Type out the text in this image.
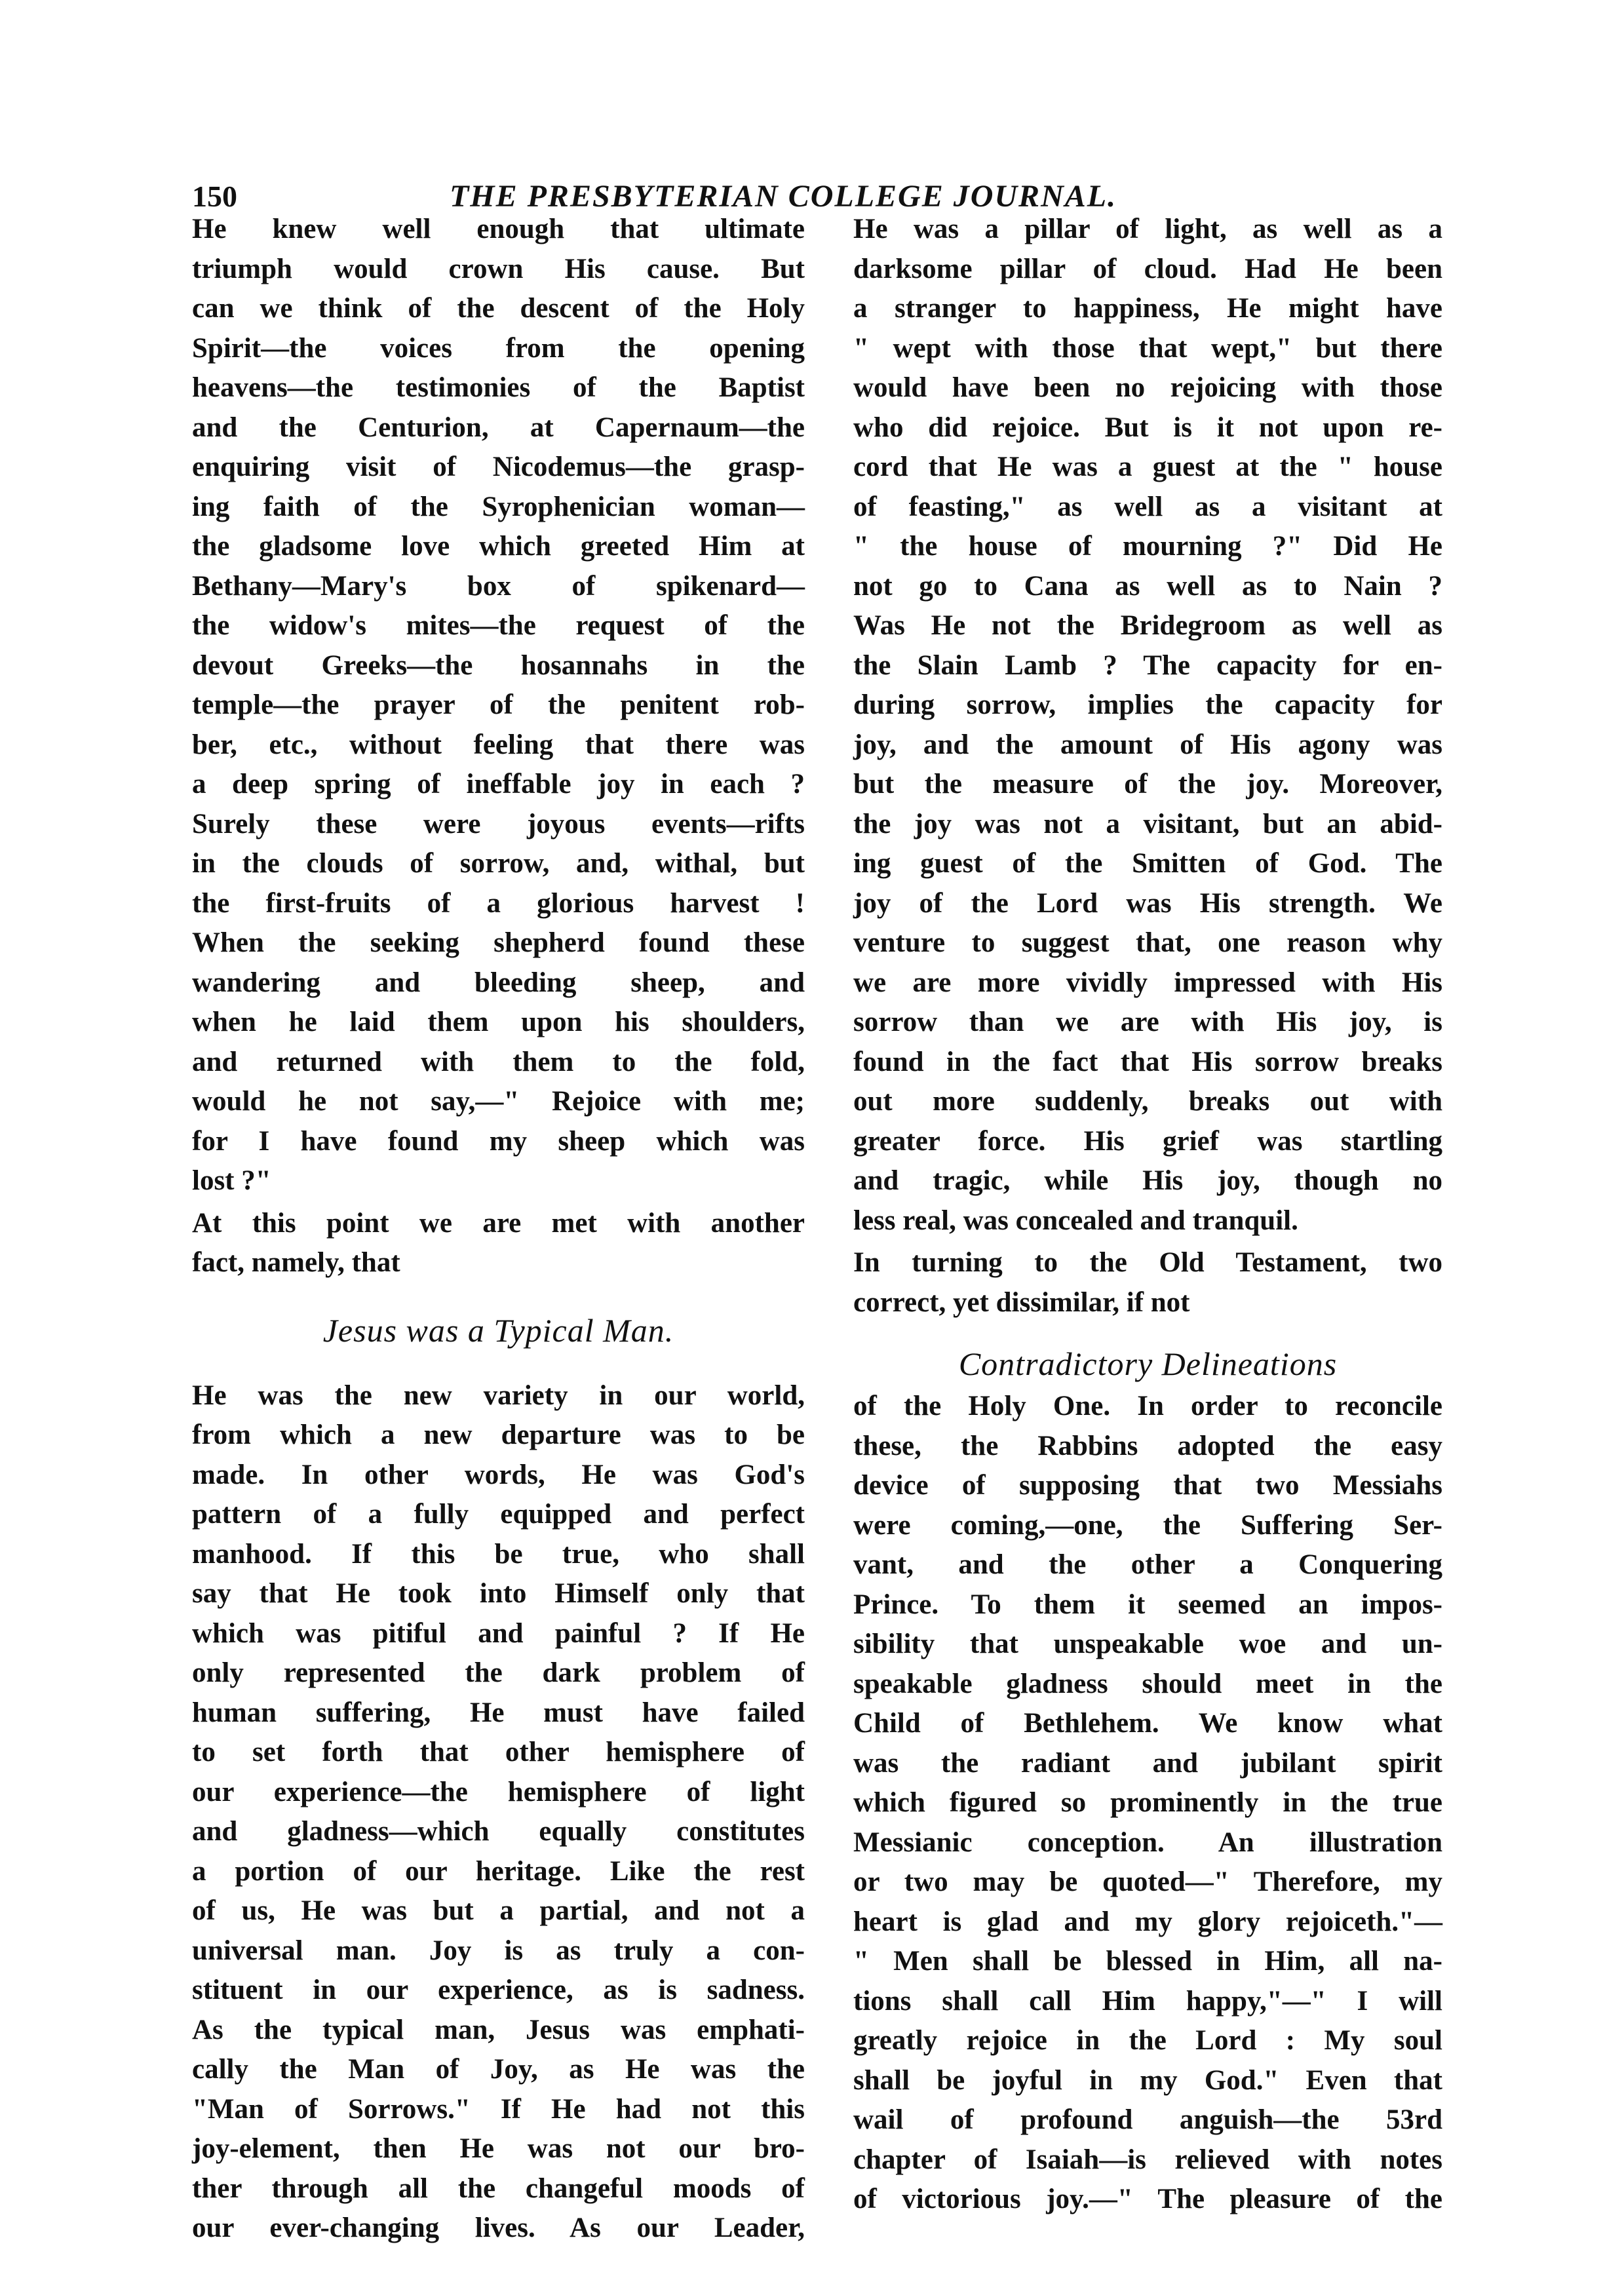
150	THE PRESBYTERIAN COLLEGE JOURNAL.
He knew well enough that ultimate
triumph would crown His cause. But
can we think of the descent of the Holy
Spirit—the voices from the opening
heavens—the testimonies of the Baptist
and the Centurion, at Capernaum—the
enquiring visit of Nicodemus—the grasp-
ing faith of the Syrophenician woman—
the gladsome love which greeted Him at
Bethany—Mary's box of spikenard—
the widow's mites—the request of the
devout Greeks—the hosannahs in the
temple—the prayer of the penitent rob-
ber, etc., without feeling that there was
a deep spring of ineffable joy in each ?
Surely these were joyous events—rifts
in the clouds of sorrow, and, withal, but
the first-fruits of a glorious harvest !
When the seeking shepherd found these
wandering and bleeding sheep, and
when he laid them upon his shoulders,
and returned with them to the fold,
would he not say,—" Rejoice with me;
for I have found my sheep which was
lost ?"
At this point we are met with another
fact, namely, that
Jesus was a Typical Man.
He was the new variety in our world,
from which a new departure was to be
made. In other words, He was God's
pattern of a fully equipped and perfect
manhood. If this be true, who shall
say that He took into Himself only that
which was pitiful and painful ? If He
only represented the dark problem of
human suffering, He must have failed
to set forth that other hemisphere of
our experience—the hemisphere of light
and gladness—which equally constitutes
a portion of our heritage. Like the rest
of us, He was but a partial, and not a
universal man. Joy is as truly a con-
stituent in our experience, as is sadness.
As the typical man, Jesus was emphati-
cally the Man of Joy, as He was the
"Man of Sorrows." If He had not this
joy-element, then He was not our bro-
ther through all the changeful moods of
our ever-changing lives. As our Leader,
He was a pillar of light, as well as a
darksome pillar of cloud. Had He been
a stranger to happiness, He might have
" wept with those that wept," but there
would have been no rejoicing with those
who did rejoice. But is it not upon re-
cord that He was a guest at the " house
of feasting," as well as a visitant at
" the house of mourning ?" Did He
not go to Cana as well as to Nain ?
Was He not the Bridegroom as well as
the Slain Lamb ? The capacity for en-
during sorrow, implies the capacity for
joy, and the amount of His agony was
but the measure of the joy. Moreover,
the joy was not a visitant, but an abid-
ing guest of the Smitten of God. The
joy of the Lord was His strength. We
venture to suggest that, one reason why
we are more vividly impressed with His
sorrow than we are with His joy, is
found in the fact that His sorrow breaks
out more suddenly, breaks out with
greater force. His grief was startling
and tragic, while His joy, though no
less real, was concealed and tranquil.
In turning to the Old Testament, two
correct, yet dissimilar, if not
Contradictory Delineations
of the Holy One. In order to reconcile
these, the Rabbins adopted the easy
device of supposing that two Messiahs
were coming,—one, the Suffering Ser-
vant, and the other a Conquering
Prince. To them it seemed an impos-
sibility that unspeakable woe and un-
speakable gladness should meet in the
Child of Bethlehem. We know what
was the radiant and jubilant spirit
which figured so prominently in the true
Messianic conception. An illustration
or two may be quoted—" Therefore, my
heart is glad and my glory rejoiceth."—
" Men shall be blessed in Him, all na-
tions shall call Him happy,"—" I will
greatly rejoice in the Lord : My soul
shall be joyful in my God." Even that
wail of profound anguish—the 53rd
chapter of Isaiah—is relieved with notes
of victorious joy.—" The pleasure of the
